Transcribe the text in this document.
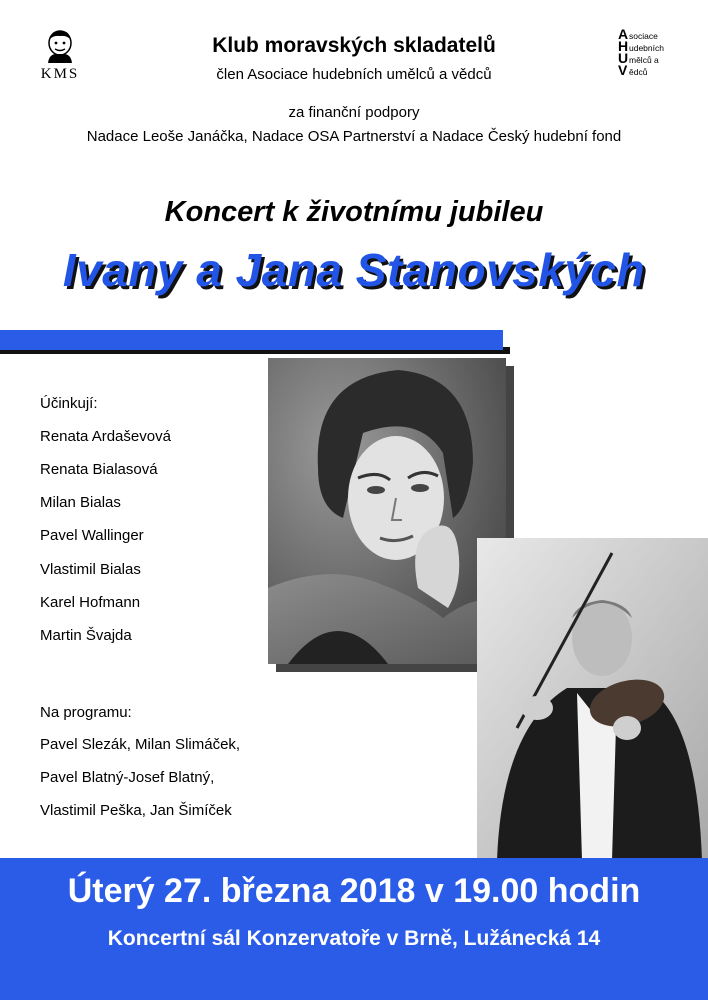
KMS
A sociace
H udebních
U mělců a
V ědců
Klub moravských skladatelů
člen Asociace hudebních umělců a vědců
za finanční podpory
Nadace Leoše Janáčka, Nadace OSA Partnerství a Nadace Český hudební fond
Koncert k životnímu jubileu
Ivany a Jana Stanovských
Účinkují:
Renata Ardaševová
Renata Bialasová
Milan Bialas
Pavel Wallinger
Vlastimil Bialas
Karel Hofmann
Martin Švajda
Na programu:
Pavel Slezák, Milan Slimáček,
Pavel Blatný-Josef Blatný,
Vlastimil Peška, Jan Šimíček
Úterý 27. března 2018 v 19.00 hodin
Koncertní sál Konzervatoře v Brně, Lužánecká 14
